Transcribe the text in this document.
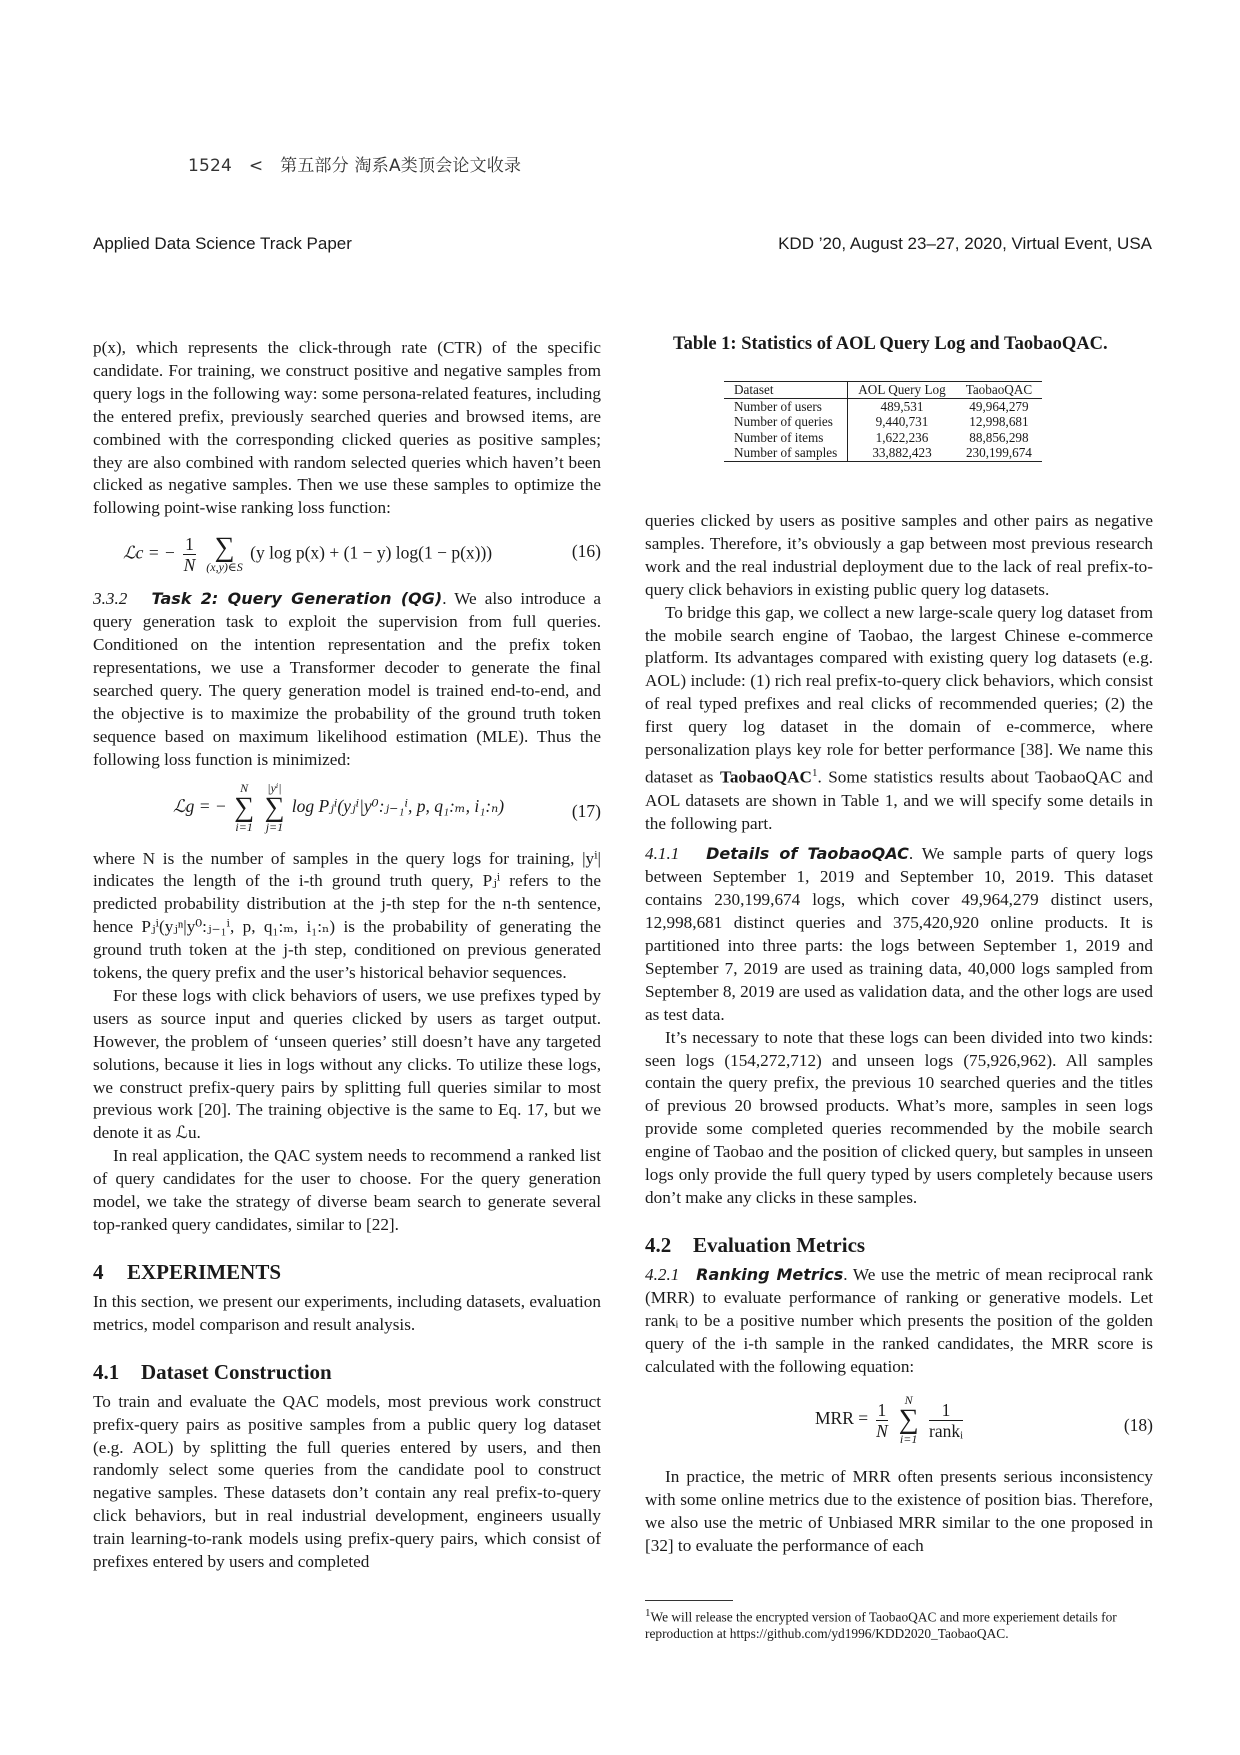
1524 < 第五部分 淘系A类顶会论文收录
Applied Data Science Track Paper	KDD ’20, August 23–27, 2020, Virtual Event, USA

p(x), which represents the click-through rate (CTR) of the specific candidate. For training, we construct positive and negative samples from query logs in the following way: some persona-related features, including the entered prefix, previously searched queries and browsed items, are combined with the corresponding clicked queries as positive samples; they are also combined with random selected queries which haven’t been clicked as negative samples. Then we use these samples to optimize the following point-wise ranking loss function:

ℒc = − $\frac{1}{N}$
∑
(x,y)∈S
(y log p(x) + (1 − y) log(1 − p(x)))	(16)

3.3.2 Task 2: Query Generation (QG). We also introduce a query generation task to exploit the supervision from full queries. Conditioned on the intention representation and the prefix token representations, we use a Transformer decoder to generate the final searched query. The query generation model is trained end-to-end, and the objective is to maximize the probability of the ground truth token sequence based on maximum likelihood estimation (MLE). Thus the following loss function is minimized:

ℒg = −
N
∑
i=1

|yⁱ|
∑
j=1
log Pⱼⁱ(yⱼⁱ|y⁰:ⱼ₋₁ⁱ, p, q₁:ₘ, i₁:ₙ)	(17)

where N is the number of samples in the query logs for training, |yⁱ| indicates the length of the i-th ground truth query, Pⱼⁱ refers to the predicted probability distribution at the j-th step for the n-th sentence, hence Pⱼⁱ(yⱼⁿ|y⁰:ⱼ₋₁ⁱ, p, q₁:ₘ, i₁:ₙ) is the probability of generating the ground truth token at the j-th step, conditioned on previous generated tokens, the query prefix and the user’s historical behavior sequences.

For these logs with click behaviors of users, we use prefixes typed by users as source input and queries clicked by users as target output. However, the problem of ‘unseen queries’ still doesn’t have any targeted solutions, because it lies in logs without any clicks. To utilize these logs, we construct prefix-query pairs by splitting full queries similar to most previous work [20]. The training objective is the same to Eq. 17, but we denote it as ℒu.

In real application, the QAC system needs to recommend a ranked list of query candidates for the user to choose. For the query generation model, we take the strategy of diverse beam search to generate several top-ranked query candidates, similar to [22].

4 EXPERIMENTS

In this section, we present our experiments, including datasets, evaluation metrics, model comparison and result analysis.

4.1 Dataset Construction

To train and evaluate the QAC models, most previous work construct prefix-query pairs as positive samples from a public query log dataset (e.g. AOL) by splitting the full queries entered by users, and then randomly select some queries from the candidate pool to construct negative samples. These datasets don’t contain any real prefix-to-query click behaviors, but in real industrial development, engineers usually train learning-to-rank models using prefix-query pairs, which consist of prefixes entered by users and completed

Table 1: Statistics of AOL Query Log and TaobaoQAC.
Dataset	AOL Query Log	TaobaoQAC
Number of users	489,531	49,964,279
Number of queries	9,440,731	12,998,681
Number of items	1,622,236	88,856,298
Number of samples	33,882,423	230,199,674

queries clicked by users as positive samples and other pairs as negative samples. Therefore, it’s obviously a gap between most previous research work and the real industrial deployment due to the lack of real prefix-to-query click behaviors in existing public query log datasets.

To bridge this gap, we collect a new large-scale query log dataset from the mobile search engine of Taobao, the largest Chinese e-commerce platform. Its advantages compared with existing query log datasets (e.g. AOL) include: (1) rich real prefix-to-query click behaviors, which consist of real typed prefixes and real clicks of recommended queries; (2) the first query log dataset in the domain of e-commerce, where personalization plays key role for better performance [38]. We name this dataset as TaobaoQAC$^1$. Some statistics results about TaobaoQAC and AOL datasets are shown in Table 1, and we will specify some details in the following part.

4.1.1 Details of TaobaoQAC. We sample parts of query logs between September 1, 2019 and September 10, 2019. This dataset contains 230,199,674 logs, which cover 49,964,279 distinct users, 12,998,681 distinct queries and 375,420,920 online products. It is partitioned into three parts: the logs between September 1, 2019 and September 7, 2019 are used as training data, 40,000 logs sampled from September 8, 2019 are used as validation data, and the other logs are used as test data.

It’s necessary to note that these logs can been divided into two kinds: seen logs (154,272,712) and unseen logs (75,926,962). All samples contain the query prefix, the previous 10 searched queries and the titles of previous 20 browsed products. What’s more, samples in seen logs provide some completed queries recommended by the mobile search engine of Taobao and the position of clicked query, but samples in unseen logs only provide the full query typed by users completely because users don’t make any clicks in these samples.

4.2 Evaluation Metrics

4.2.1 Ranking Metrics. We use the metric of mean reciprocal rank (MRR) to evaluate performance of ranking or generative models. Let rankᵢ to be a positive number which presents the position of the golden query of the i-th sample in the ranked candidates, the MRR score is calculated with the following equation:

MRR = $\frac{1}{N}$
	N
∑
i=1
$\frac{1}{\text{rankᵢ}}$	(18)

In practice, the metric of MRR often presents serious inconsistency with some online metrics due to the existence of position bias. Therefore, we also use the metric of Unbiased MRR similar to the one proposed in [32] to evaluate the performance of each

$^1$We will release the encrypted version of TaobaoQAC and more experiement details for reproduction at https://github.com/yd1996/KDD2020_TaobaoQAC.
